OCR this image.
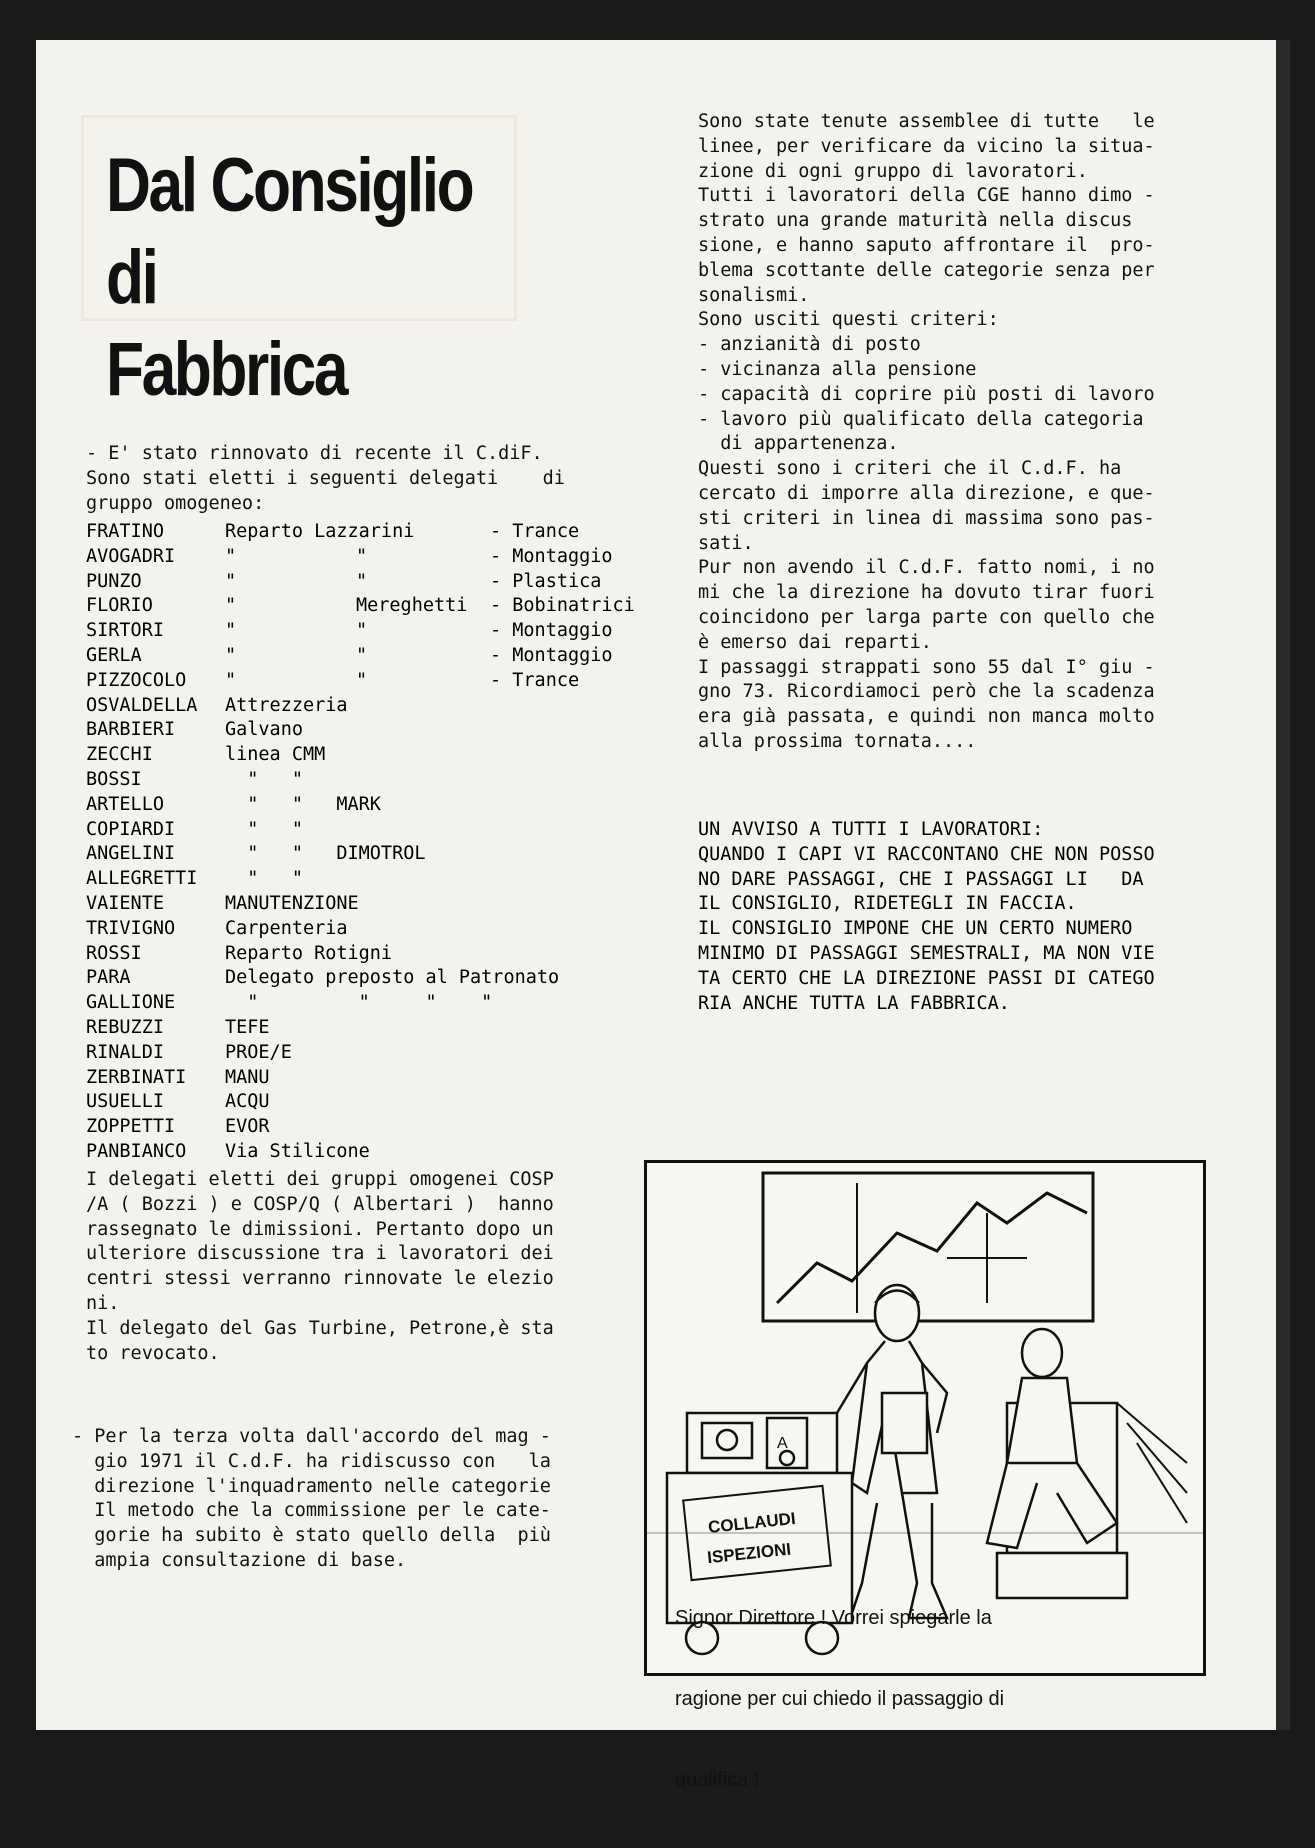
Dal Consiglio di
Fabbrica
- E' stato rinnovato di recente il C.diF.
Sono stati eletti i seguenti delegati    di
gruppo omogeneo:
FRATINO	Reparto Lazzarini	- Trance
AVOGADRI	"	"	- Montaggio
PUNZO	"	"	- Plastica
FLORIO	"	Mereghetti - Bobinatrici
SIRTORI	"	"	- Montaggio
GERLA	"	"	- Montaggio
PIZZOCOLO "	"	- Trance
OSVALDELLA Attrezzeria
BARBIERI	Galvano
ZECCHI	linea CMM
BOSSI	"   "
ARTELLO	"   "   MARK
COPIARDI	"   "
ANGELINI	"   "   DIMOTROL
ALLEGRETTI "   "
VAIENTE	MANUTENZIONE
TRIVIGNO	Carpenteria
ROSSI	Reparto Rotigni
PARA	Delegato preposto al Patronato
GALLIONE	"         "     "    "
REBUZZI	TEFE
RINALDI	PROE/E
ZERBINATI MANU
USUELLI	ACQU
ZOPPETTI	EVOR
PANBIANCO Via Stilicone
I delegati eletti dei gruppi omogenei COSP
/A ( Bozzi ) e COSP/Q ( Albertari )  hanno
rassegnato le dimissioni. Pertanto dopo un
ulteriore discussione tra i lavoratori dei
centri stessi verranno rinnovate le elezio
ni.
Il delegato del Gas Turbine, Petrone,è sta
to revocato.
- Per la terza volta dall'accordo del mag -
gio 1971 il C.d.F. ha ridiscusso con   la
direzione l'inquadramento nelle categorie
Il metodo che la commissione per le cate-
gorie ha subito è stato quello della  più
ampia consultazione di base.
Sono state tenute assemblee di tutte   le
linee, per verificare da vicino la situa-
zione di ogni gruppo di lavoratori.
Tutti i lavoratori della CGE hanno dimo -
strato una grande maturità nella discus
sione, e hanno saputo affrontare il  pro-
blema scottante delle categorie senza per
sonalismi.
Sono usciti questi criteri:
- anzianità di posto
- vicinanza alla pensione
- capacità di coprire più posti di lavoro
- lavoro più qualificato della categoria
di appartenenza.
Questi sono i criteri che il C.d.F. ha
cercato di imporre alla direzione, e que-
sti criteri in linea di massima sono pas-
sati.
Pur non avendo il C.d.F. fatto nomi, i no
mi che la direzione ha dovuto tirar fuori
coincidono per larga parte con quello che
è emerso dai reparti.
I passaggi strappati sono 55 dal I° giu -
gno 73. Ricordiamoci però che la scadenza
era già passata, e quindi non manca molto
alla prossima tornata....
UN AVVISO A TUTTI I LAVORATORI:
QUANDO I CAPI VI RACCONTANO CHE NON POSSO
NO DARE PASSAGGI, CHE I PASSAGGI LI   DA
IL CONSIGLIO, RIDETEGLI IN FACCIA.
IL CONSIGLIO IMPONE CHE UN CERTO NUMERO
MINIMO DI PASSAGGI SEMESTRALI, MA NON VIE
TA CERTO CHE LA DIREZIONE PASSI DI CATEGO
RIA ANCHE TUTTA LA FABBRICA.
COLLAUDI
ISPEZIONI
A

Signor Direttore ! Vorrei spiegarle la

ragione per cui chiedo il passaggio di

qualifica !
